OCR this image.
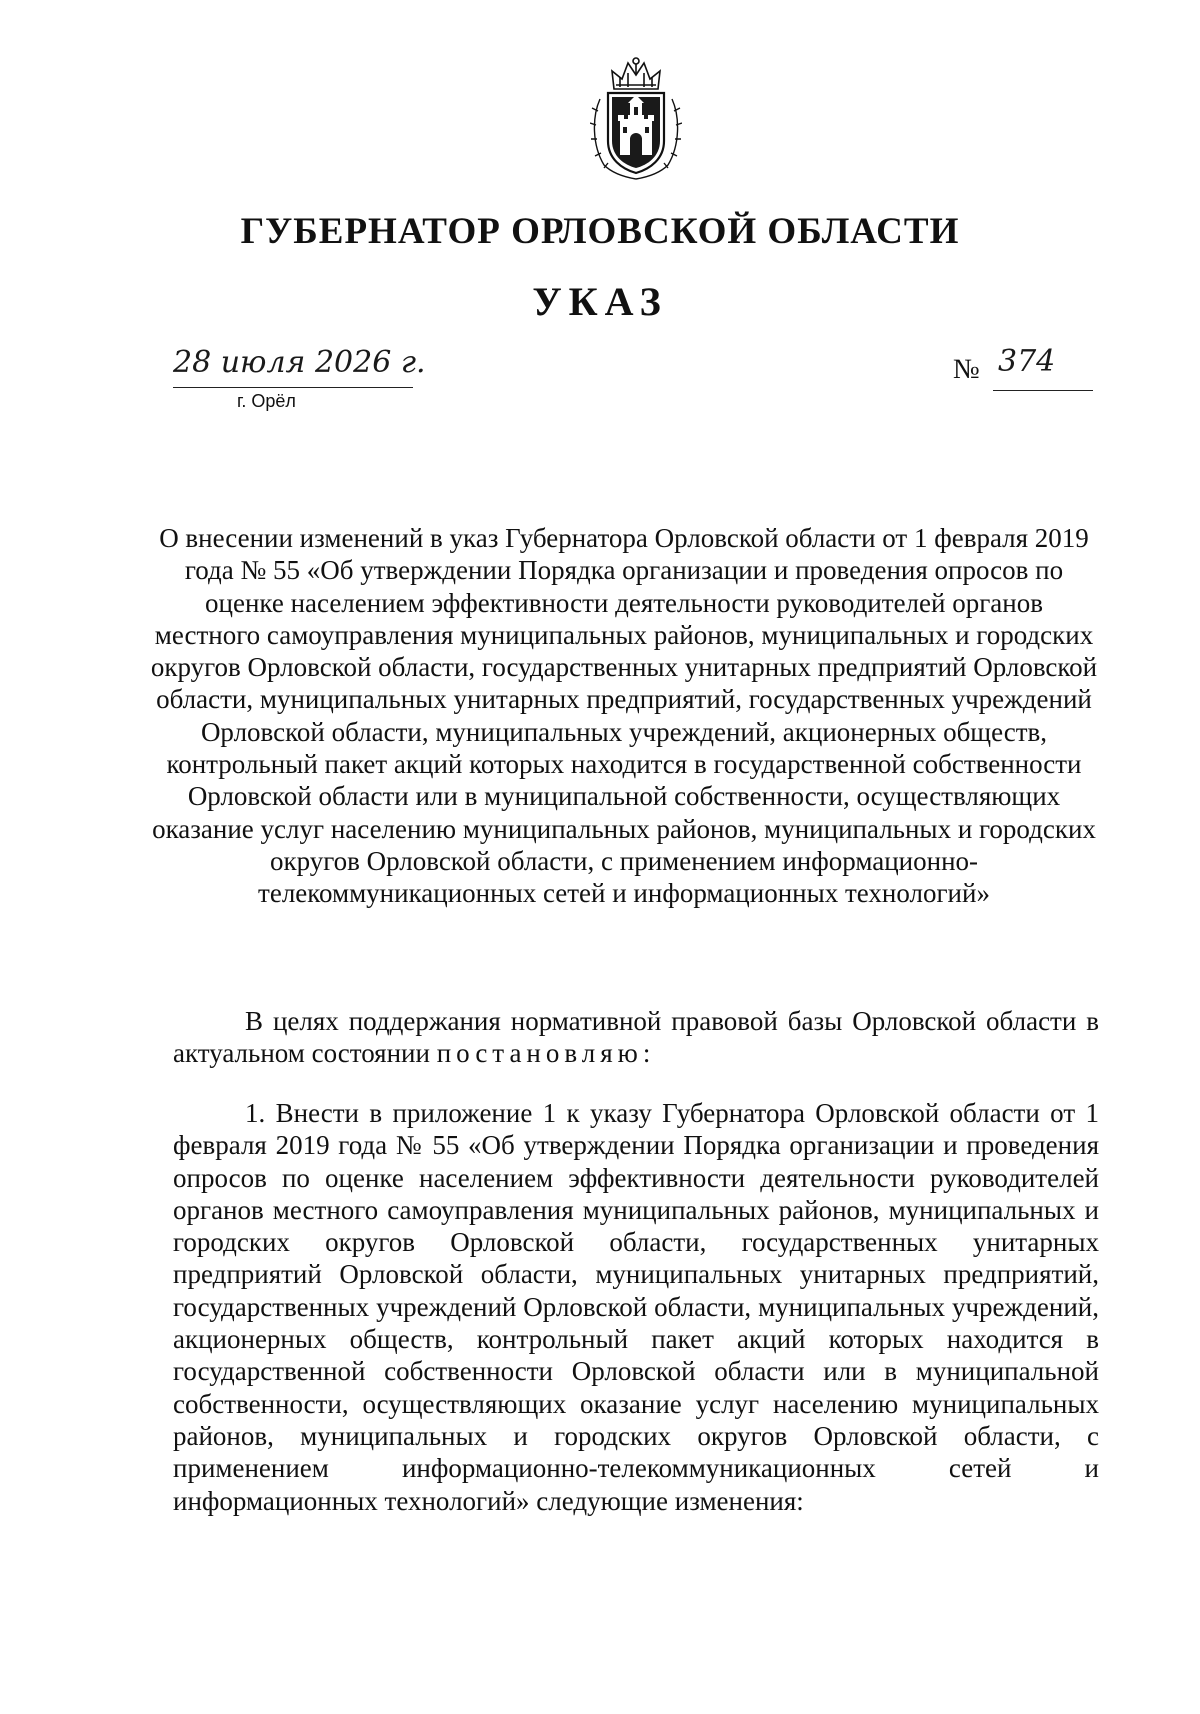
ГУБЕРНАТОР ОРЛОВСКОЙ ОБЛАСТИ
УКАЗ
28 июля 2026 г.
г. Орёл
№ 374

О внесении изменений в указ Губернатора Орловской области от 1 февраля 2019 года № 55 «Об утверждении Порядка организации и проведения опросов по оценке населением эффективности деятельности руководителей органов местного самоуправления муниципальных районов, муниципальных и городских округов Орловской области, государственных унитарных предприятий Орловской области, муниципальных унитарных предприятий, государственных учреждений Орловской области, муниципальных учреждений, акционерных обществ, контрольный пакет акций которых находится в государственной собственности Орловской области или в муниципальной собственности, осуществляющих оказание услуг населению муниципальных районов, муниципальных и городских округов Орловской области, с применением информационно-телекоммуникационных сетей и информационных технологий»

В целях поддержания нормативной правовой базы Орловской области в актуальном состоянии постановляю:

1. Внести в приложение 1 к указу Губернатора Орловской области от 1 февраля 2019 года № 55 «Об утверждении Порядка организации и проведения опросов по оценке населением эффективности деятельности руководителей органов местного самоуправления муниципальных районов, муниципальных и городских округов Орловской области, государственных унитарных предприятий Орловской области, муниципальных унитарных предприятий, государственных учреждений Орловской области, муниципальных учреждений, акционерных обществ, контрольный пакет акций которых находится в государственной собственности Орловской области или в муниципальной собственности, осуществляющих оказание услуг населению муниципальных районов, муниципальных и городских округов Орловской области, с применением информационно-телекоммуникационных сетей и информационных технологий» следующие изменения:
